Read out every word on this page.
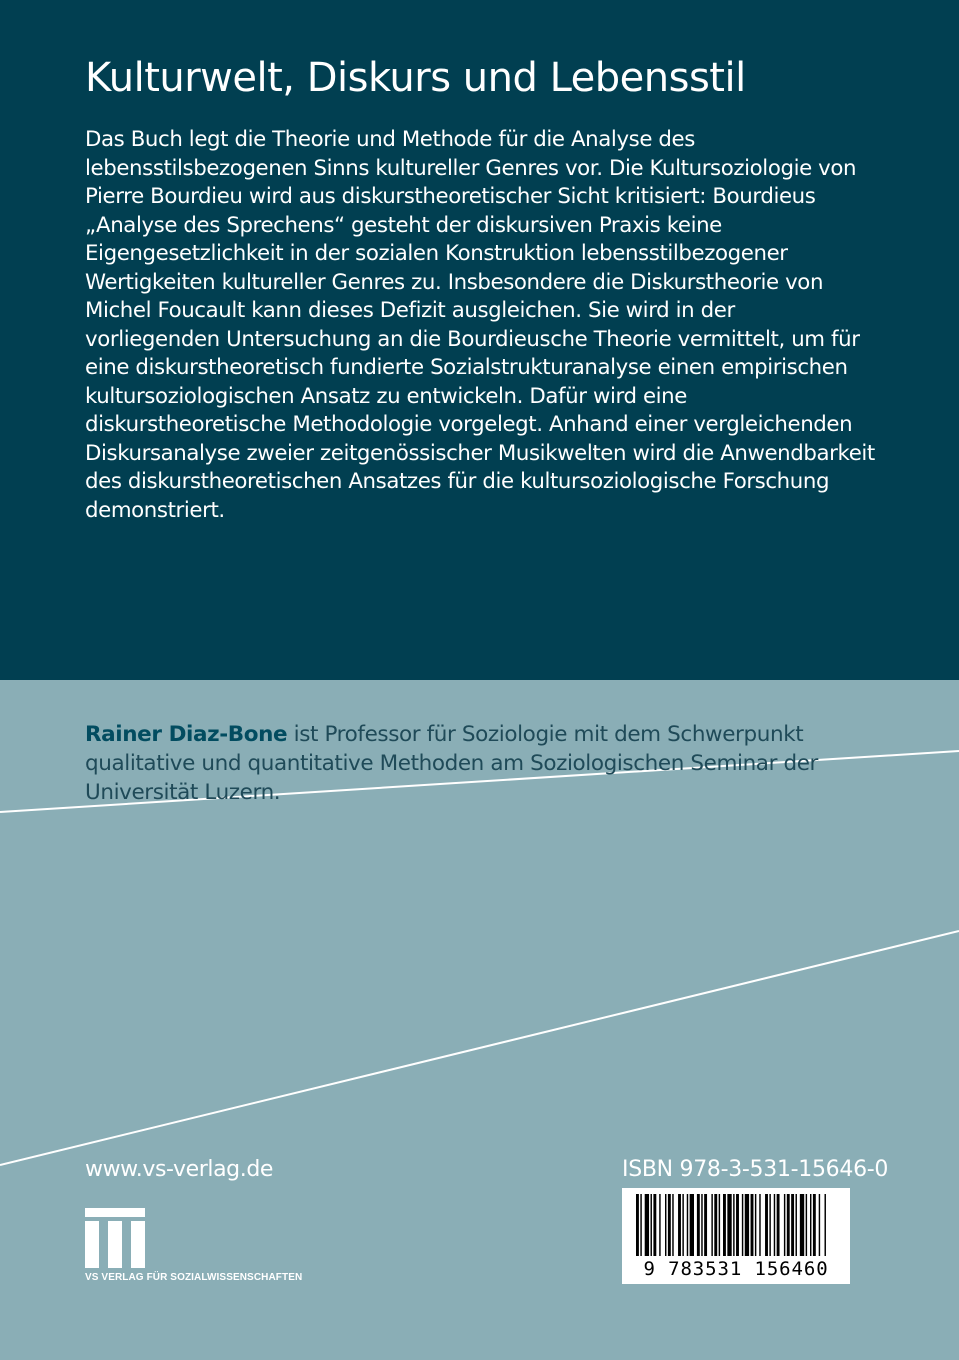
Kulturwelt, Diskurs und Lebensstil

Das Buch legt die Theorie und Methode für die Analyse des lebensstilsbezogenen Sinns kultureller Genres vor. Die Kultursoziologie von Pierre Bourdieu wird aus diskurstheoretischer Sicht kritisiert: Bourdieus „Analyse des Sprechens“ gesteht der diskursiven Praxis keine Eigengesetzlichkeit in der sozialen Konstruktion lebensstilbezogener Wertigkeiten kultureller Genres zu. Insbesondere die Diskurstheorie von Michel Foucault kann dieses Defizit ausgleichen. Sie wird in der vorliegenden Untersuchung an die Bourdieusche Theorie vermittelt, um für eine diskurstheoretisch fundierte Sozialstrukturanalyse einen empirischen kultursoziologischen Ansatz zu entwickeln. Dafür wird eine diskurstheoretische Methodologie vorgelegt. Anhand einer vergleichenden Diskursanalyse zweier zeitgenössischer Musikwelten wird die Anwendbarkeit des diskurstheoretischen Ansatzes für die kultursoziologische Forschung demonstriert.

Rainer Diaz-Bone ist Professor für Soziologie mit dem Schwerpunkt qualitative und quantitative Methoden am Soziologischen Seminar der Universität Luzern.

www.vs-verlag.de	ISBN 978-3-531-15646-0
9 783531 156460
VS VERLAG FÜR SOZIALWISSENSCHAFTEN
